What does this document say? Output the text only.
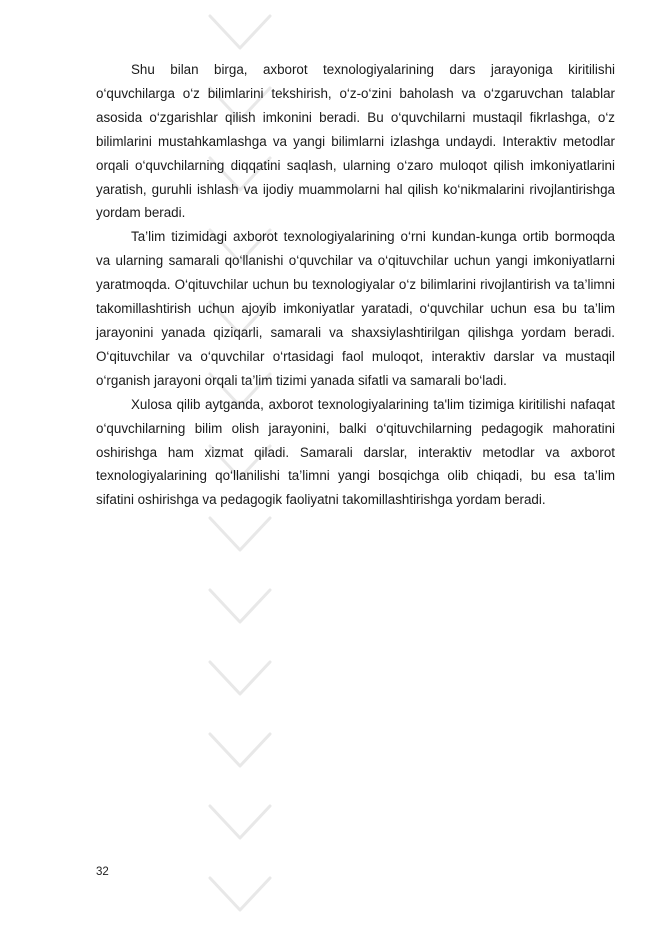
Shu bilan birga, axborot texnologiyalarining dars jarayoniga kiritilishi o‘quvchilarga o‘z bilimlarini tekshirish, o‘z-o‘zini baholash va o‘zgaruvchan talablar asosida o‘zgarishlar qilish imkonini beradi. Bu o‘quvchilarni mustaqil fikrlashga, o‘z bilimlarini mustahkamlashga va yangi bilimlarni izlashga undaydi. Interaktiv metodlar orqali o‘quvchilarning diqqatini saqlash, ularning o‘zaro muloqot qilish imkoniyatlarini yaratish, guruhli ishlash va ijodiy muammolarni hal qilish ko‘nikmalarini rivojlantirishga yordam beradi.

Ta’lim tizimidagi axborot texnologiyalarining o‘rni kundan-kunga ortib bormoqda va ularning samarali qo‘llanishi o‘quvchilar va o‘qituvchilar uchun yangi imkoniyatlarni yaratmoqda. O‘qituvchilar uchun bu texnologiyalar o‘z bilimlarini rivojlantirish va ta’limni takomillashtirish uchun ajoyib imkoniyatlar yaratadi, o‘quvchilar uchun esa bu ta’lim jarayonini yanada qiziqarli, samarali va shaxsiylashtirilgan qilishga yordam beradi. O‘qituvchilar va o‘quvchilar o‘rtasidagi faol muloqot, interaktiv darslar va mustaqil o‘rganish jarayoni orqali ta’lim tizimi yanada sifatli va samarali bo‘ladi.

Xulosa qilib aytganda, axborot texnologiyalarining ta'lim tizimiga kiritilishi nafaqat o‘quvchilarning bilim olish jarayonini, balki o‘qituvchilarning pedagogik mahoratini oshirishga ham xizmat qiladi. Samarali darslar, interaktiv metodlar va axborot texnologiyalarining qo‘llanilishi ta’limni yangi bosqichga olib chiqadi, bu esa ta’lim sifatini oshirishga va pedagogik faoliyatni takomillashtirishga yordam beradi.

32
